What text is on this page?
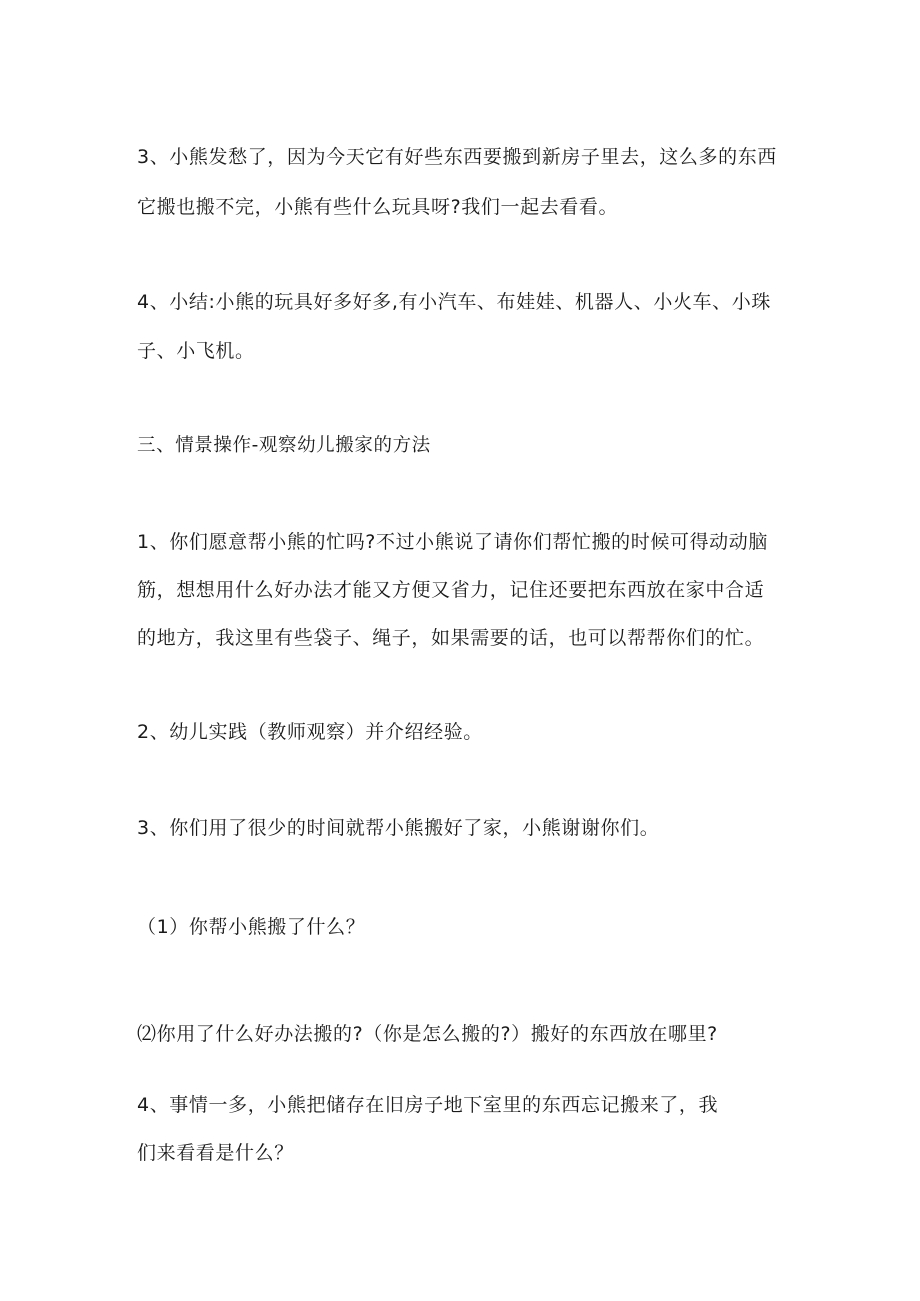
3、小熊发愁了，因为今天它有好些东西要搬到新房子里去，这么多的东西
它搬也搬不完，小熊有些什么玩具呀?我们一起去看看。
4、小结:小熊的玩具好多好多,有小汽车、布娃娃、机器人、小火车、小珠
子、小飞机。
三、情景操作-观察幼儿搬家的方法
1、你们愿意帮小熊的忙吗?不过小熊说了请你们帮忙搬的时候可得动动脑
筋，想想用什么好办法才能又方便又省力，记住还要把东西放在家中合适
的地方，我这里有些袋子、绳子，如果需要的话，也可以帮帮你们的忙。
2、幼儿实践（教师观察）并介绍经验。
3、你们用了很少的时间就帮小熊搬好了家，小熊谢谢你们。
（1）你帮小熊搬了什么？
⑵你用了什么好办法搬的?（你是怎么搬的?）搬好的东西放在哪里?
4、事情一多，小熊把储存在旧房子地下室里的东西忘记搬来了，我
们来看看是什么？
